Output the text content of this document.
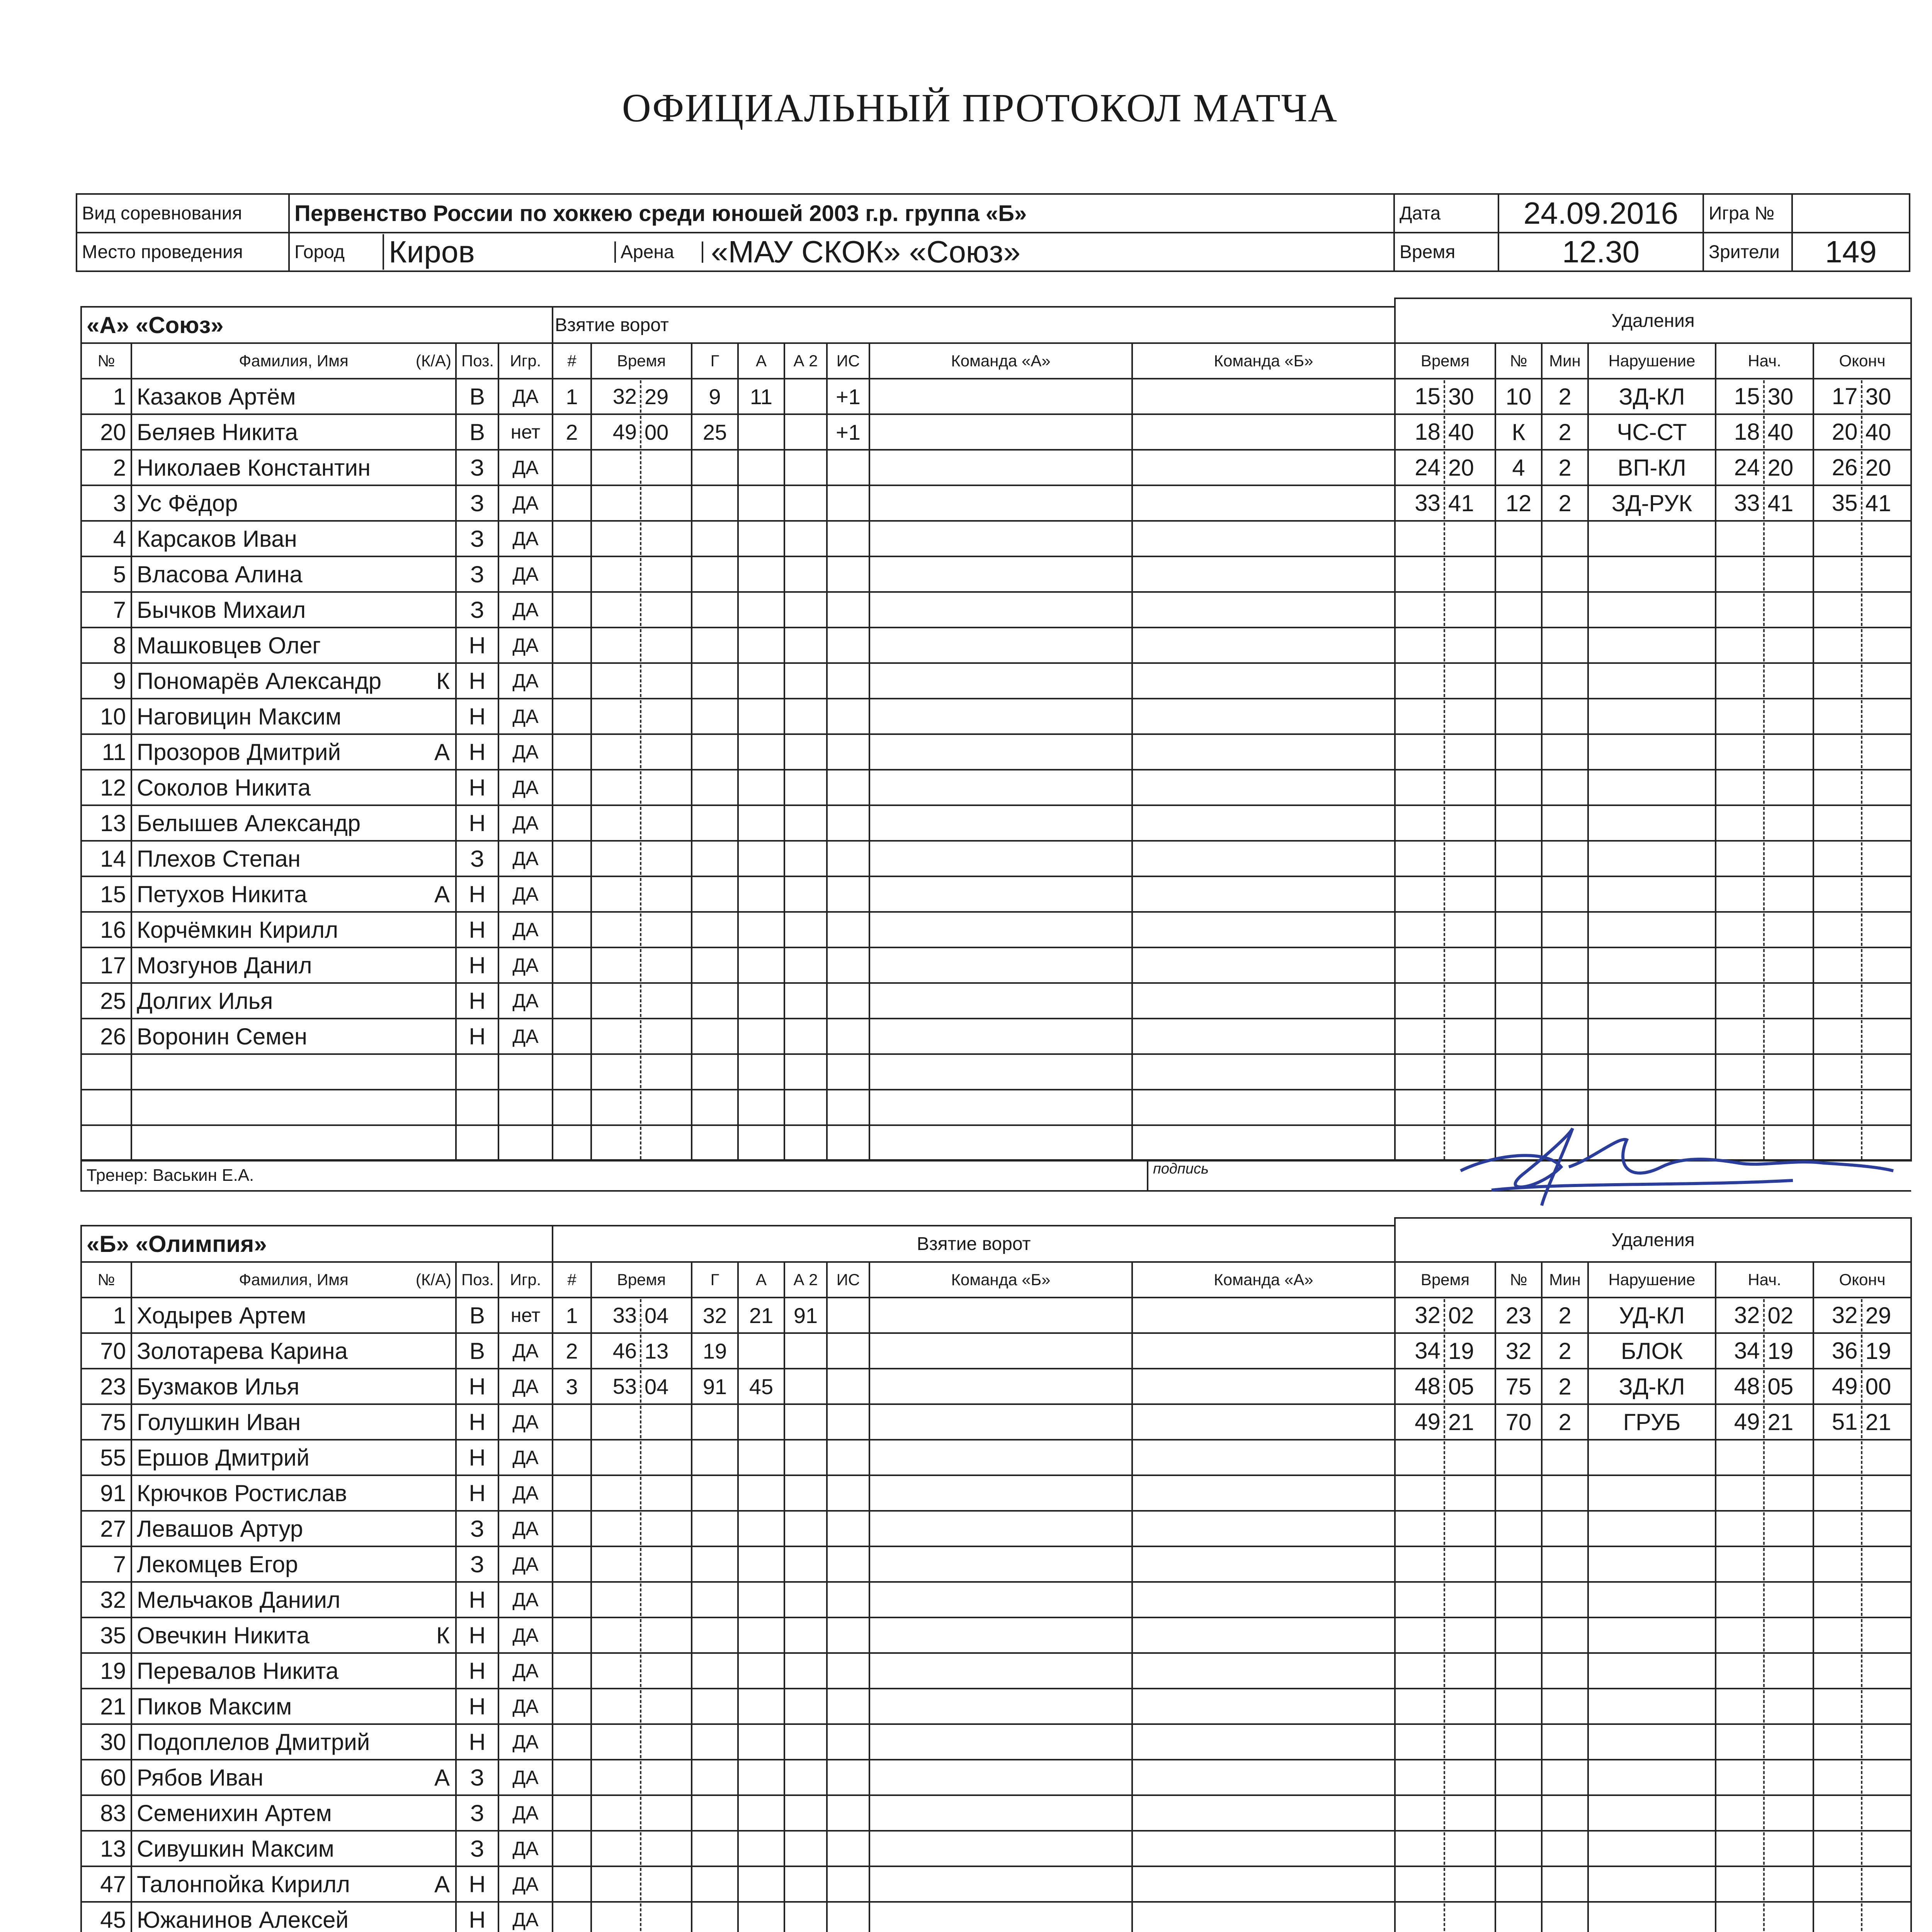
ОФИЦИАЛЬНЫЙ ПРОТОКОЛ МАТЧА
Вид соревнования	Первенство России по хоккею среди юношей 2003 г.р. группа «Б»	Дата	24.09.2016	Игра №	
Место проведения	Город Киров Арена «МАУ СКОК» «Союз»	Время	12.30	Зрители	149
«А» «Союз»			
№	Фамилия, Имя (К/А)	Поз.	Игр.
1	Казаков Артём	В	ДА
20	Беляев Никита	В	нет
2	Николаев Константин	З	ДА
3	Ус Фёдор	З	ДА
4	Карсаков Иван	З	ДА
5	Власова Алина	З	ДА
7	Бычков Михаил	З	ДА
8	Машковцев Олег	Н	ДА
9	Пономарёв Александр К	Н	ДА
10	Наговицин Максим	Н	ДА
11	Прозоров Дмитрий А	Н	ДА
12	Соколов Никита	Н	ДА
13	Белышев Александр	Н	ДА
14	Плехов Степан	З	ДА
15	Петухов Никита А	Н	ДА
16	Корчёмкин Кирилл	Н	ДА
17	Мозгунов Данил	Н	ДА
25	Долгих Илья	Н	ДА
26	Воронин Семен	Н	ДА

Взятие ворот							
#	Время	Г	А	А 2	ИС	Команда «А»	Команда «Б»
1	32 29	9	11		+1		
2	49 00	25			+1		

Удаления					
Время	№	Мин	Нарушение	Нач.	Оконч

15 30	10	2	ЗД-КЛ	15 30	17 30

18 40	К	2	ЧС-СТ	18 40	20 40

24 20	4	2	ВП-КЛ	24 20	26 20

33 41	12	2	ЗД-РУК	33 41	35 41

Тренер: Васькин Е.А.	подпись
«Б» «Олимпия»			
№	Фамилия, Имя (К/А)	Поз.	Игр.
1	Ходырев Артем	В	нет
70	Золотарева Карина	В	ДА
23	Бузмаков Илья	Н	ДА
75	Голушкин Иван	Н	ДА
55	Ершов Дмитрий	Н	ДА
91	Крючков Ростислав	Н	ДА
27	Левашов Артур	З	ДА
7	Лекомцев Егор	З	ДА
32	Мельчаков Даниил	Н	ДА
35	Овечкин Никита К	Н	ДА
19	Перевалов Никита	Н	ДА
21	Пиков Максим	Н	ДА
30	Подоплелов Дмитрий	Н	ДА
60	Рябов Иван А	З	ДА
83	Семенихин Артем	З	ДА
13	Сивушкин Максим	З	ДА
47	Талонпойка Кирилл А	Н	ДА
45	Южанинов Алексей	Н	ДА

Взятие ворот							
#	Время	Г	А	А 2	ИС	Команда «Б»	Команда «А»
1	33 04	32	21	91			
2	46 13	19					
3	53 04	91	45				

Удаления					
Время	№	Мин	Нарушение	Нач.	Оконч

32 02	23	2	УД-КЛ	32 02	32 29

34 19	32	2	БЛОК	34 19	36 19

48 05	75	2	ЗД-КЛ	48 05	49 00

49 21	70	2	ГРУБ	49 21	51 21
